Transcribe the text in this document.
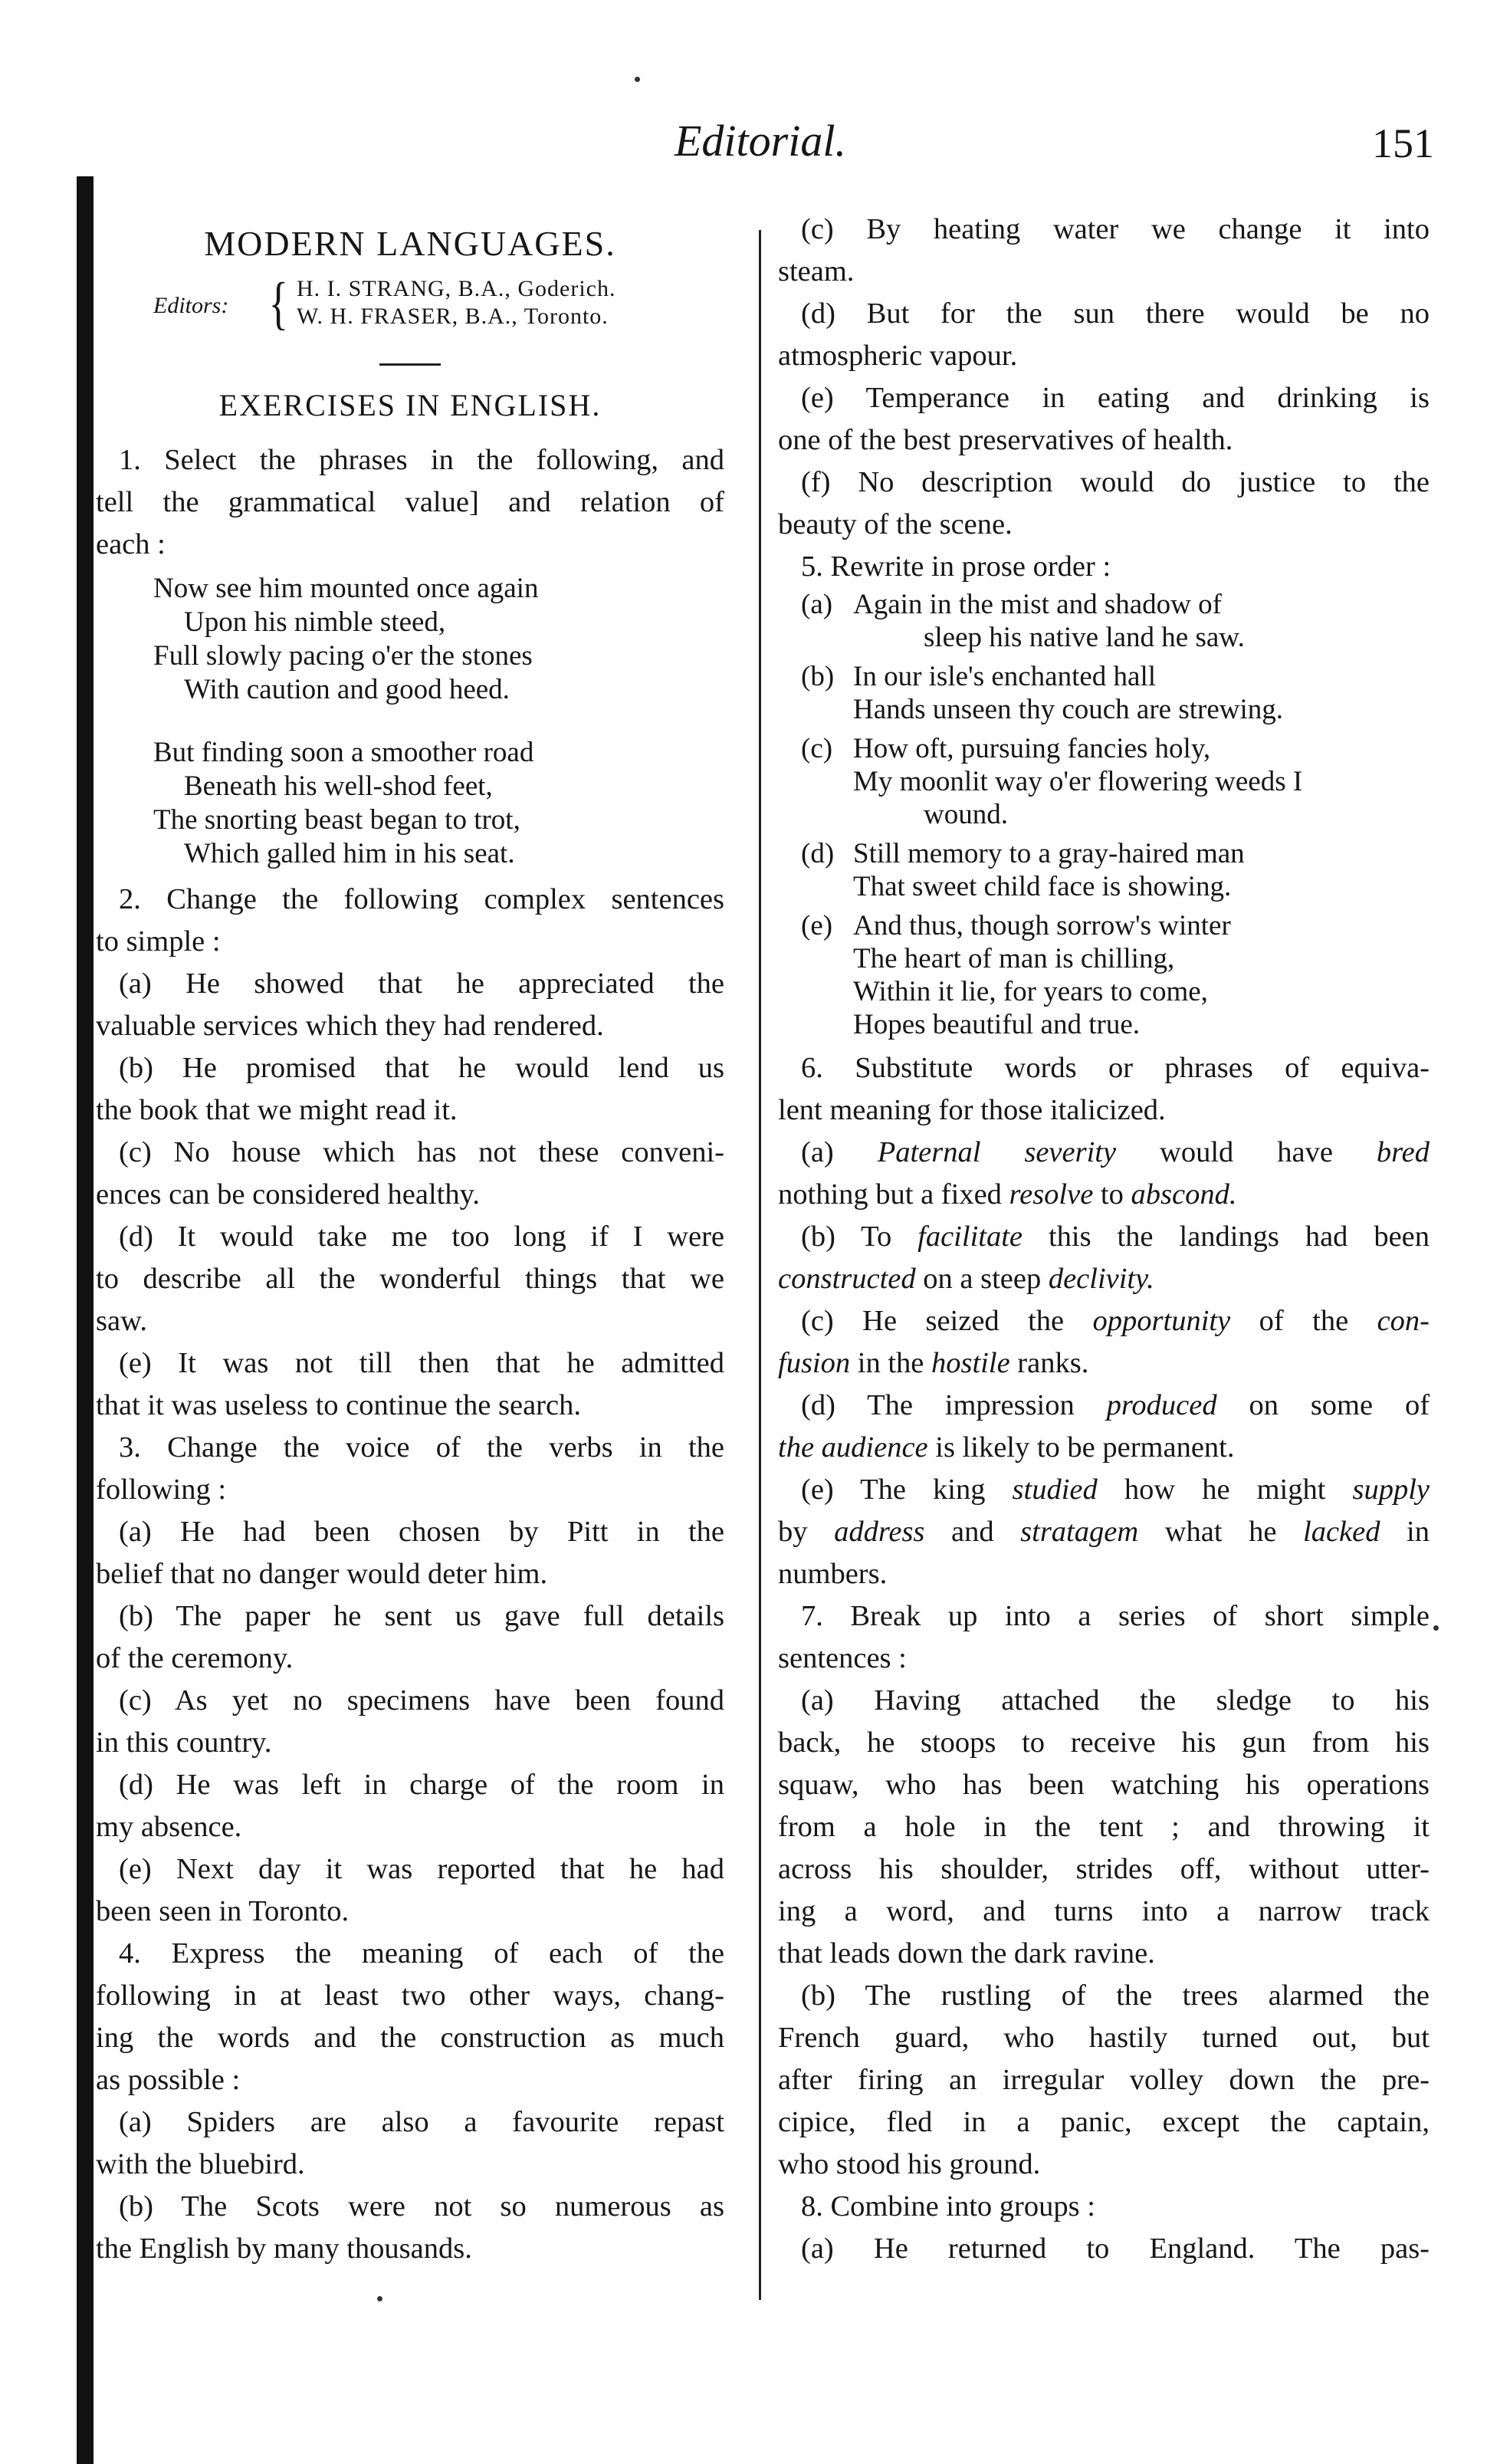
Editorial.	151
MODERN LANGUAGES.
Editors: { H. I. STRANG, B.A., Goderich.
W. H. FRASER, B.A., Toronto.
EXERCISES IN ENGLISH.
1. Select the phrases in the following, and
tell the grammatical value] and relation of
each :
Now see him mounted once again
Upon his nimble steed,
Full slowly pacing o'er the stones
With caution and good heed.
But finding soon a smoother road
Beneath his well-shod feet,
The snorting beast began to trot,
Which galled him in his seat.
2. Change the following complex sentences
to simple :
(a) He showed that he appreciated the
valuable services which they had rendered.
(b) He promised that he would lend us
the book that we might read it.
(c) No house which has not these conveni-
ences can be considered healthy.
(d) It would take me too long if I were
to describe all the wonderful things that we
saw.
(e) It was not till then that he admitted
that it was useless to continue the search.
3. Change the voice of the verbs in the
following :
(a) He had been chosen by Pitt in the
belief that no danger would deter him.
(b) The paper he sent us gave full details
of the ceremony.
(c) As yet no specimens have been found
in this country.
(d) He was left in charge of the room in
my absence.
(e) Next day it was reported that he had
been seen in Toronto.
4. Express the meaning of each of the
following in at least two other ways, chang-
ing the words and the construction as much
as possible :
(a) Spiders are also a favourite repast
with the bluebird.
(b) The Scots were not so numerous as
the English by many thousands.
(c) By heating water we change it into
steam.
(d) But for the sun there would be no
atmospheric vapour.
(e) Temperance in eating and drinking is
one of the best preservatives of health.
(f) No description would do justice to the
beauty of the scene.
5. Rewrite in prose order :
(a) Again in the mist and shadow of
sleep his native land he saw.
(b) In our isle's enchanted hall
Hands unseen thy couch are strewing.
(c) How oft, pursuing fancies holy,
My moonlit way o'er flowering weeds I
wound.
(d) Still memory to a gray-haired man
That sweet child face is showing.
(e) And thus, though sorrow's winter
The heart of man is chilling,
Within it lie, for years to come,
Hopes beautiful and true.
6. Substitute words or phrases of equiva-
lent meaning for those italicized.
(a) Paternal severity would have bred
nothing but a fixed resolve to abscond.
(b) To facilitate this the landings had been
constructed on a steep declivity.
(c) He seized the opportunity of the con-
fusion in the hostile ranks.
(d) The impression produced on some of
the audience is likely to be permanent.
(e) The king studied how he might supply
by address and stratagem what he lacked in
numbers.
7. Break up into a series of short simple
sentences :
(a) Having attached the sledge to his
back, he stoops to receive his gun from his
squaw, who has been watching his operations
from a hole in the tent ; and throwing it
across his shoulder, strides off, without utter-
ing a word, and turns into a narrow track
that leads down the dark ravine.
(b) The rustling of the trees alarmed the
French guard, who hastily turned out, but
after firing an irregular volley down the pre-
cipice, fled in a panic, except the captain,
who stood his ground.
8. Combine into groups :
(a) He returned to England. The pas-
